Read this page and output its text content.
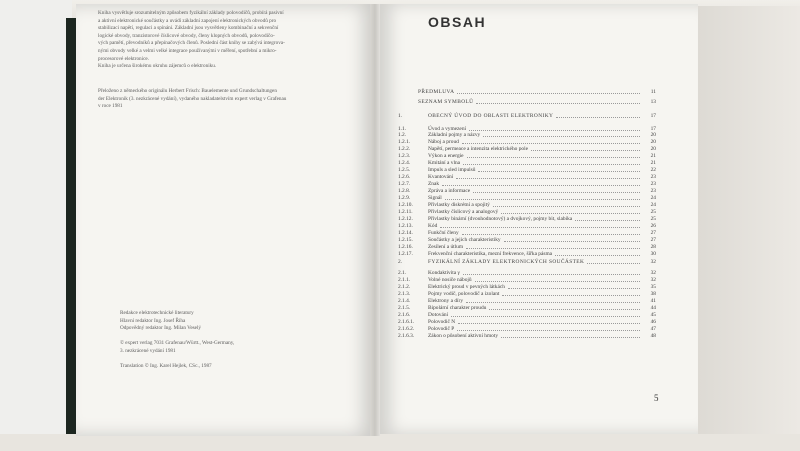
Kniha vysvětluje srozumitelným způsobem fyzikální základy polovodičů, probírá pasivní
a aktivní elektronické součástky a uvádí základní zapojení elektronických obvodů pro
stabilizaci napětí, regulaci a spínání. Základní jsou vysvětleny kombinační a sekvenční
logické obvody, tranzistorové číslicové obvody, členy klopných obvodů, polovodičo-
vých pamětí, převodníků a přepínačových členů. Poslední část knihy se zabývá integrova-
nými obvody velké a velmi velké integrace používanými v měření, spotřební a mikro-
procesorové elektronice.
Kniha je určena širokému okruhu zájemců o elektroniku.
Přeloženo z německého originálu Herbert Frisch: Bauelemente und Grundschaltungen
der Elektronik (3. nezkrácené vydání), vydaného nakladatelstvím expert verlag v Grafenau
v roce 1981
Redakce elektrotechnické literatury
Hlavní redaktor Ing. Josef Říha
Odpovědný redaktor Ing. Milan Veselý

© expert verlag 7031 Grafenau/Württ., West-Germany,
3. nezkrácené vydání 1981

Translation © Ing. Karel Hejlek, CSc., 1987
OBSAH
PŘEDMLUVA	11
SEZNAM SYMBOLŮ	13
1.	OBECNÝ ÚVOD DO OBLASTI ELEKTRONIKY	17
1.1.	Úvod a vymezení	17
1.2.	Základní pojmy a názvy	20
1.2.1.	Náboj a proud	20
1.2.2.	Napětí, permeace a intenzita elektrického pole	20
1.2.3.	Výkon a energie	21
1.2.4.	Kmitání a vlna	21
1.2.5.	Impuls a sled impulsů	22
1.2.6.	Kvantování	23
1.2.7.	Znak	23
1.2.8.	Zpráva a informace	23
1.2.9.	Signál	24
1.2.10.	Přívlastky diskrétní a spojitý	24
1.2.11.	Přívlastky číslicový a analogový	25
1.2.12.	Přívlastky binární (dvouhodnotový) a dvojkový, pojmy bit, slabika	25
1.2.13.	Kód	26
1.2.14.	Funkční členy	27
1.2.15.	Součástky a jejich charakteristiky	27
1.2.16.	Zesílení a útlum	28
1.2.17.	Frekvenční charakteristika, mezní frekvence, šířka pásma	30
2.	FYZIKÁLNÍ ZÁKLADY ELEKTRONICKÝCH SOUČÁSTEK	32
2.1.	Kondaktivita γ	32
2.1.1.	Volné nosiče nábojů	32
2.1.2.	Elektrický proud v pevných látkách	35
2.1.3.	Pojmy vodič, polovodič a izolant	38
2.1.4.	Elektrony a díry	41
2.1.5.	Bipolární charakter proudu	44
2.1.6.	Dotování	45
2.1.6.1.	Polovodič N	46
2.1.6.2.	Polovodič P	47
2.1.6.3.	Zákon o působení aktivní hmoty	48
5
